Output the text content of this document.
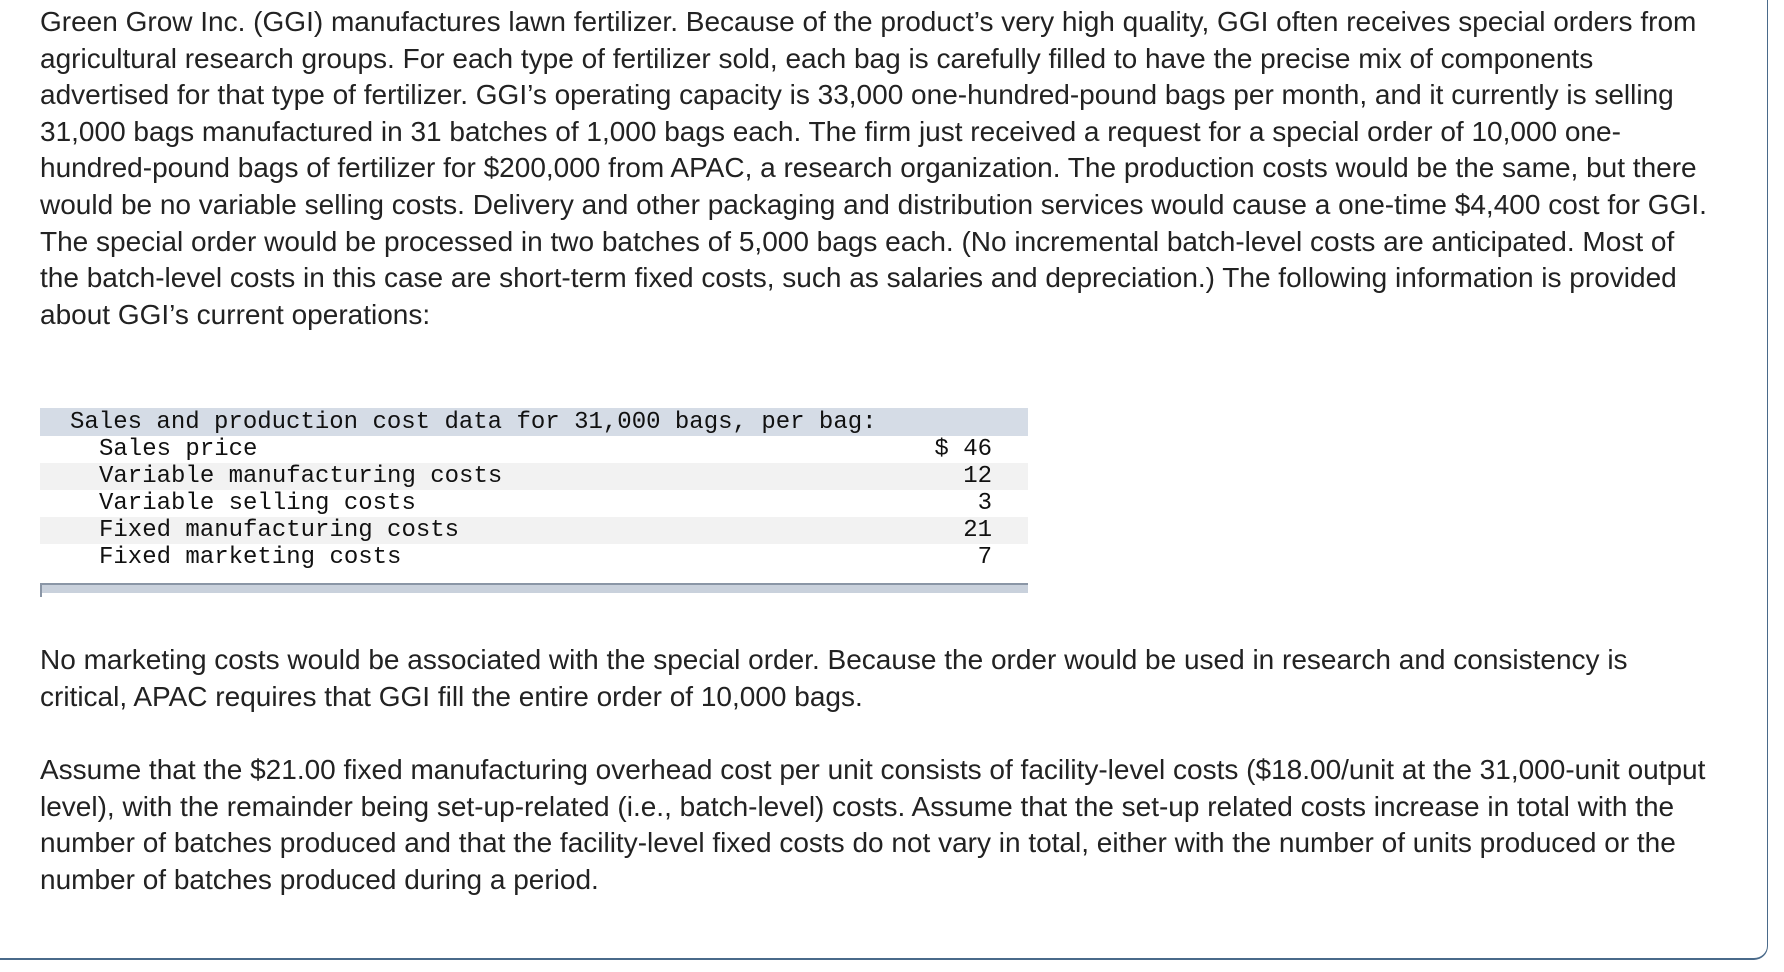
Green Grow Inc. (GGI) manufactures lawn fertilizer. Because of the product’s very high quality, GGI often receives special orders from agricultural research groups. For each type of fertilizer sold, each bag is carefully filled to have the precise mix of components advertised for that type of fertilizer. GGI’s operating capacity is 33,000 one-hundred-pound bags per month, and it currently is selling 31,000 bags manufactured in 31 batches of 1,000 bags each. The firm just received a request for a special order of 10,000 one-hundred-pound bags of fertilizer for $200,000 from APAC, a research organization. The production costs would be the same, but there would be no variable selling costs. Delivery and other packaging and distribution services would cause a one-time $4,400 cost for GGI. The special order would be processed in two batches of 5,000 bags each. (No incremental batch-level costs are anticipated. Most of the batch-level costs in this case are short-term fixed costs, such as salaries and depreciation.) The following information is provided about GGI’s current operations:

Sales and production cost data for 31,000 bags, per bag:	
Sales price	$ 46
Variable manufacturing costs	12
Variable selling costs	3
Fixed manufacturing costs	21
Fixed marketing costs	7

No marketing costs would be associated with the special order. Because the order would be used in research and consistency is critical, APAC requires that GGI fill the entire order of 10,000 bags.

Assume that the $21.00 fixed manufacturing overhead cost per unit consists of facility-level costs ($18.00/unit at the 31,000-unit output level), with the remainder being set-up-related (i.e., batch-level) costs. Assume that the set-up related costs increase in total with the number of batches produced and that the facility-level fixed costs do not vary in total, either with the number of units produced or the number of batches produced during a period.
